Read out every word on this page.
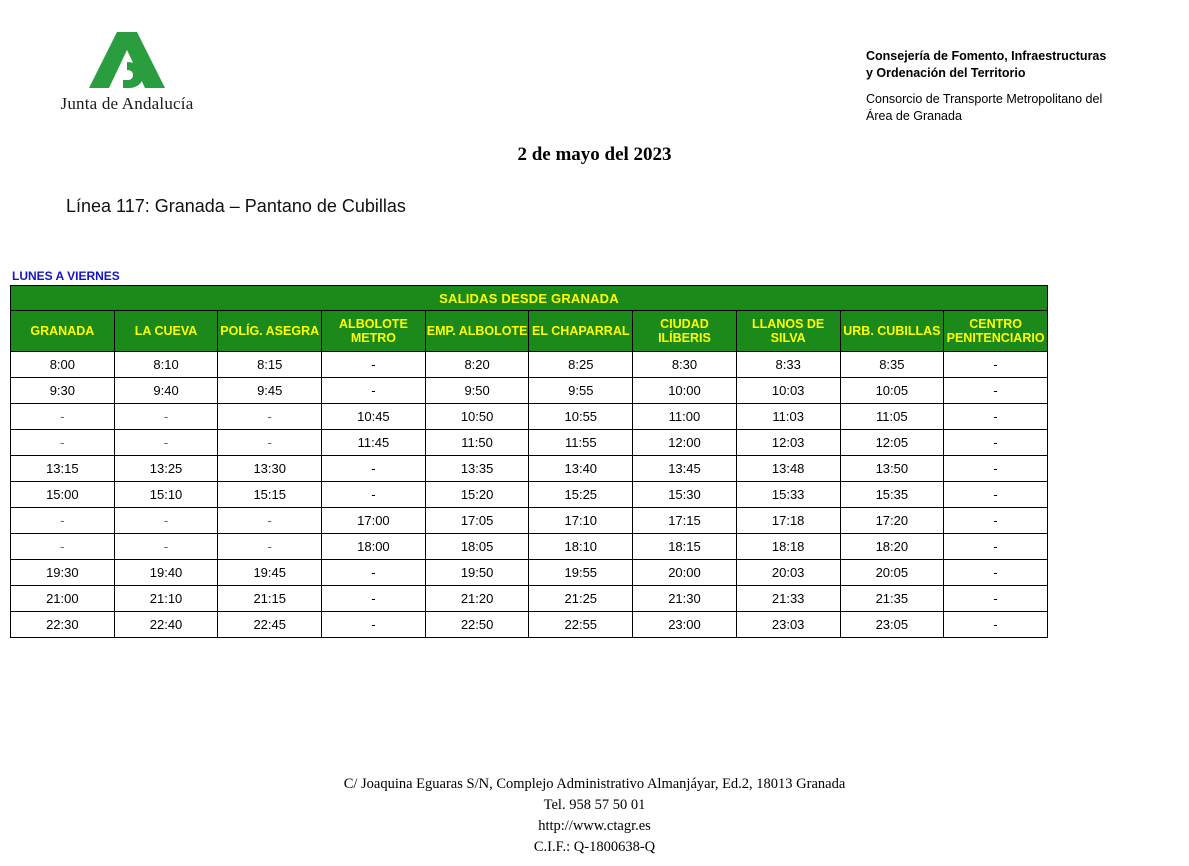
Junta de Andalucía
Consejería de Fomento, Infraestructuras
y Ordenación del Territorio
Consorcio de Transporte Metropolitano del
Área de Granada
2 de mayo del 2023
Línea 117: Granada – Pantano de Cubillas
LUNES A VIERNES
SALIDAS DESDE GRANADA									
GRANADA	LA CUEVA	POLÍG. ASEGRA	ALBOLOTE METRO	EMP. ALBOLOTE	EL CHAPARRAL	CIUDAD ILÍBERIS	LLANOS DE SILVA	URB. CUBILLAS	CENTRO PENITENCIARIO
8:00	8:10	8:15	-	8:20	8:25	8:30	8:33	8:35	-
9:30	9:40	9:45	-	9:50	9:55	10:00	10:03	10:05	-
-	-	-	10:45	10:50	10:55	11:00	11:03	11:05	-
-	-	-	11:45	11:50	11:55	12:00	12:03	12:05	-
13:15	13:25	13:30	-	13:35	13:40	13:45	13:48	13:50	-
15:00	15:10	15:15	-	15:20	15:25	15:30	15:33	15:35	-
-	-	-	17:00	17:05	17:10	17:15	17:18	17:20	-
-	-	-	18:00	18:05	18:10	18:15	18:18	18:20	-
19:30	19:40	19:45	-	19:50	19:55	20:00	20:03	20:05	-
21:00	21:10	21:15	-	21:20	21:25	21:30	21:33	21:35	-
22:30	22:40	22:45	-	22:50	22:55	23:00	23:03	23:05	-
C/ Joaquina Eguaras S/N, Complejo Administrativo Almanjáyar, Ed.2, 18013 Granada
Tel. 958 57 50 01
http://www.ctagr.es
C.I.F.: Q-1800638-Q
